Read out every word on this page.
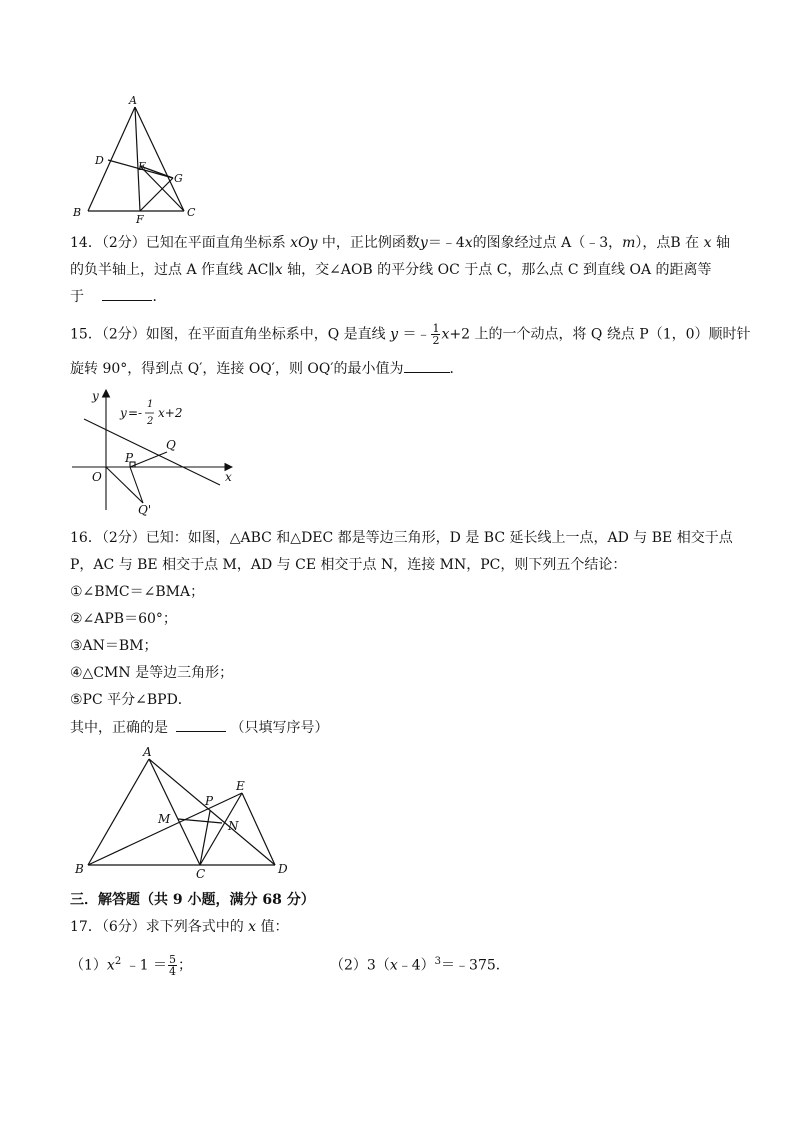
A
D	E
G
B
F
C
14．（2分）已知在平面直角坐标系 xOy 中，正比例函数y＝﹣4x的图象经过点 A（﹣3，m），点B 在 x 轴
的负半轴上，过点 A 作直线 AC∥x 轴，交∠AOB 的平分线 OC 于点 C，那么点 C 到直线 OA 的距离等
于	．
15．（2分）如图，在平面直角坐标系中，Q 是直线 y ＝﹣ $\frac{1}{2} x+2$ 上的一个动点，将 Q 绕点 P（1，0）顺时针
旋转 90°，得到点 Q′，连接 OQ′，则 OQ′的最小值为	．
y
y =-
1
2
x+2
Q
P
O	x
Q'
16．（2分）已知：如图，△ABC 和△DEC 都是等边三角形，D 是 BC 延长线上一点，AD 与 BE 相交于点
P，AC 与 BE 相交于点 M，AD 与 CE 相交于点 N，连接 MN，PC，则下列五个结论：
①∠BMC＝∠BMA；
②∠APB＝60°；
③AN＝BM；
④△CMN 是等边三角形；
⑤PC 平分∠BPD．
其中，正确的是	（只填写序号）
A
E
P
M	N
B	C	D
三．解答题（共 9 小题，满分 68 分）
17．（6分）求下列各式中的 x 值：
$(1)x^2$ ﹣1 ＝ $\frac{5}{4}$ ；	（2）3（x﹣4）$^3$＝﹣375．
